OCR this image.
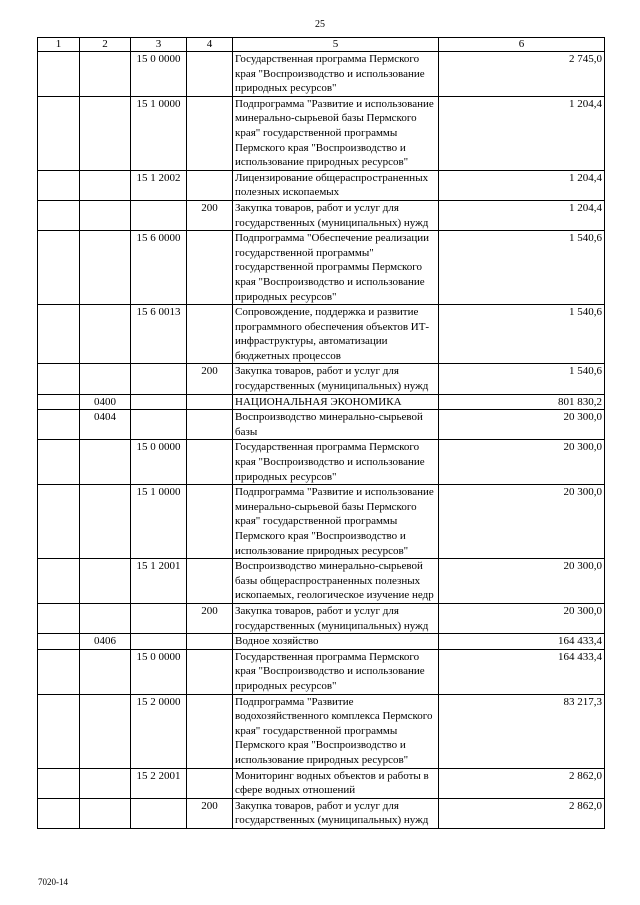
25
1	2	3	4	5	6
		15 0 0000		Государственная программа Пермского края "Воспроизводство и использование природных ресурсов"	2 745,0
		15 1 0000		Подпрограмма "Развитие и использование минерально-сырьевой базы Пермского края" государственной программы Пермского края "Воспроизводство и использование природных ресурсов"	1 204,4
		15 1 2002		Лицензирование общераспространенных полезных ископаемых	1 204,4
			200	Закупка товаров, работ и услуг для государственных (муниципальных) нужд	1 204,4
		15 6 0000		Подпрограмма "Обеспечение реализации государственной программы" государственной программы Пермского края "Воспроизводство и использование природных ресурсов"	1 540,6
		15 6 0013		Сопровождение, поддержка и развитие программного обеспечения объектов ИТ-инфраструктуры, автоматизации бюджетных процессов	1 540,6
			200	Закупка товаров, работ и услуг для государственных (муниципальных) нужд	1 540,6
	0400			НАЦИОНАЛЬНАЯ ЭКОНОМИКА	801 830,2
	0404			Воспроизводство минерально-сырьевой базы	20 300,0
		15 0 0000		Государственная программа Пермского края "Воспроизводство и использование природных ресурсов"	20 300,0
		15 1 0000		Подпрограмма "Развитие и использование минерально-сырьевой базы Пермского края" государственной программы Пермского края "Воспроизводство и использование природных ресурсов"	20 300,0
		15 1 2001		Воспроизводство минерально-сырьевой базы общераспространенных полезных ископаемых, геологическое изучение недр	20 300,0
			200	Закупка товаров, работ и услуг для государственных (муниципальных) нужд	20 300,0
	0406			Водное хозяйство	164 433,4
		15 0 0000		Государственная программа Пермского края "Воспроизводство и использование природных ресурсов"	164 433,4
		15 2 0000		Подпрограмма "Развитие водохозяйственного комплекса Пермского края" государственной программы Пермского края "Воспроизводство и использование природных ресурсов"	83 217,3
		15 2 2001		Мониторинг водных объектов и работы в сфере водных отношений	2 862,0
			200	Закупка товаров, работ и услуг для государственных (муниципальных) нужд	2 862,0
7020-14
